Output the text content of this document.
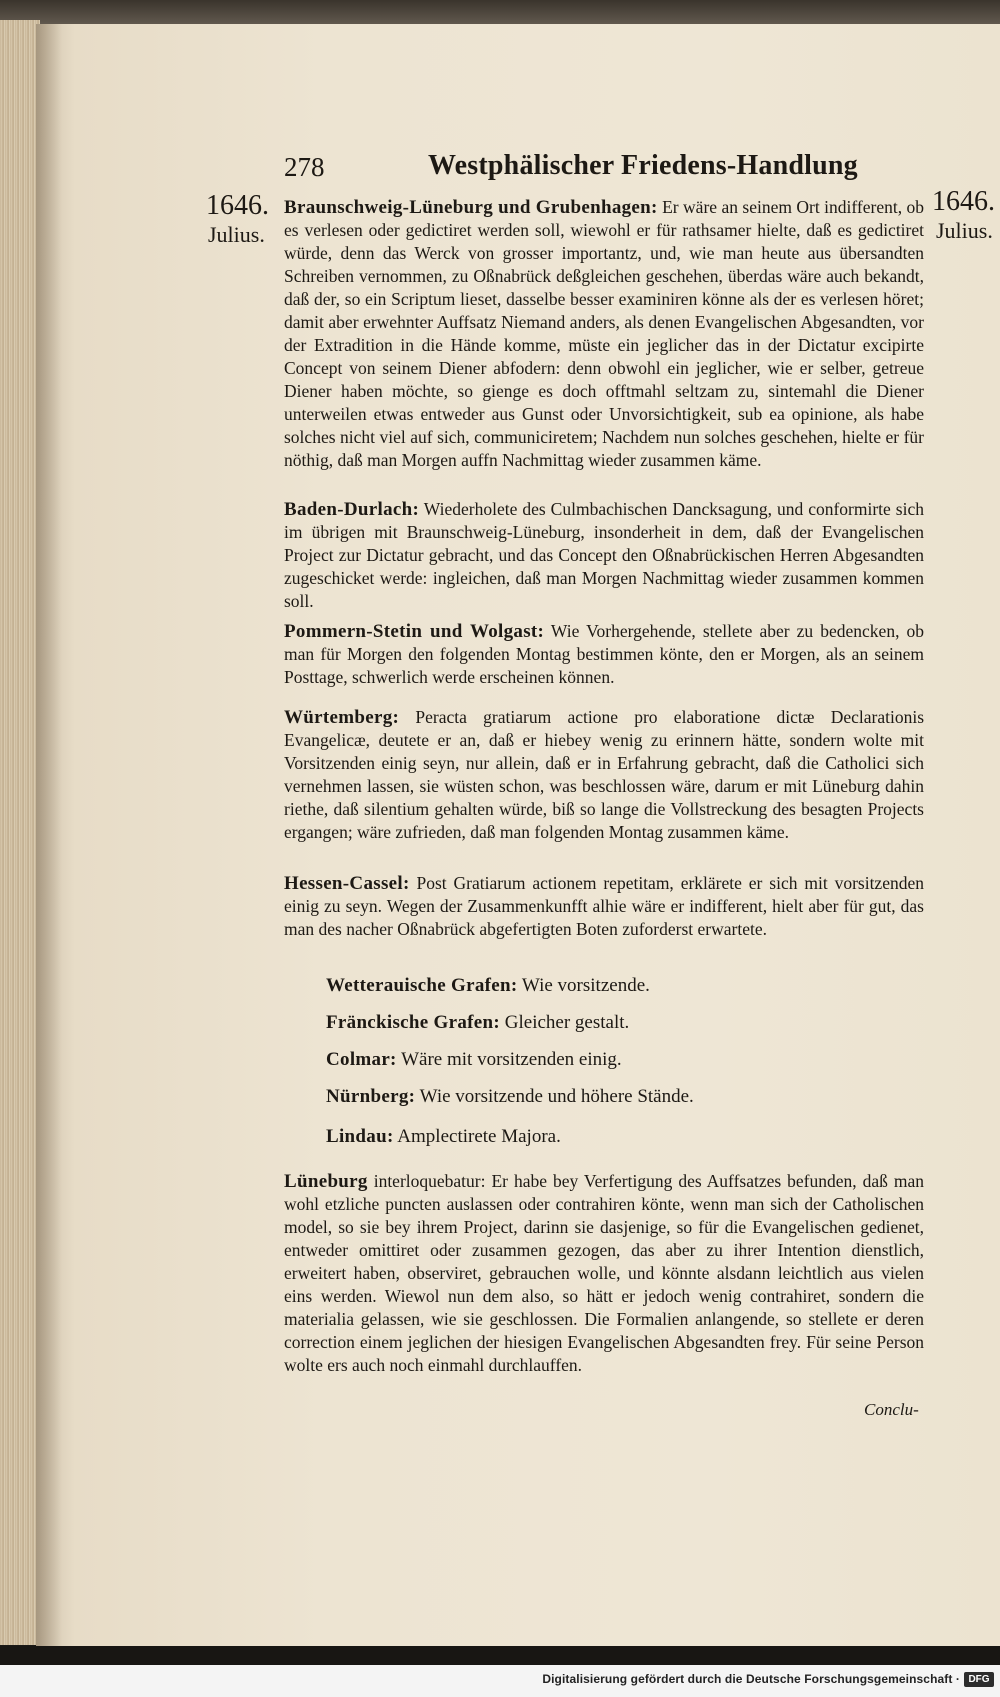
278	Westphälischer Friedens-Handlung
1646.
Julius.
1646.
Julius.
Braunschweig-Lüneburg und Grubenhagen: Er wäre an seinem Ort indifferent, ob es verlesen oder gedictiret werden soll, wiewohl er für rathsamer hielte, daß es gedictiret würde, denn das Werck von grosser importantz, und, wie man heute aus übersandten Schreiben vernommen, zu Oßnabrück deßgleichen geschehen, überdas wäre auch bekandt, daß der, so ein Scriptum lieset, dasselbe besser examiniren könne als der es verlesen höret; damit aber erwehnter Auffsatz Niemand anders, als denen Evangelischen Abgesandten, vor der Extradition in die Hände komme, müste ein jeglicher das in der Dictatur excipirte Concept von seinem Diener abfodern: denn obwohl ein jeglicher, wie er selber, getreue Diener haben möchte, so gienge es doch offtmahl seltzam zu, sintemahl die Diener unterweilen etwas entweder aus Gunst oder Unvorsichtigkeit, sub ea opinione, als habe solches nicht viel auf sich, communiciretem; Nachdem nun solches geschehen, hielte er für nöthig, daß man Morgen auffn Nachmittag wieder zusammen käme.
Baden-Durlach: Wiederholete des Culmbachischen Dancksagung, und conformirte sich im übrigen mit Braunschweig-Lüneburg, insonderheit in dem, daß der Evangelischen Project zur Dictatur gebracht, und das Concept den Oßnabrückischen Herren Abgesandten zugeschicket werde: ingleichen, daß man Morgen Nachmittag wieder zusammen kommen soll.
Pommern-Stetin und Wolgast: Wie Vorhergehende, stellete aber zu bedencken, ob man für Morgen den folgenden Montag bestimmen könte, den er Morgen, als an seinem Posttage, schwerlich werde erscheinen können.
Würtemberg: Peracta gratiarum actione pro elaboratione dictæ Declarationis Evangelicæ, deutete er an, daß er hiebey wenig zu erinnern hätte, sondern wolte mit Vorsitzenden einig seyn, nur allein, daß er in Erfahrung gebracht, daß die Catholici sich vernehmen lassen, sie wüsten schon, was beschlossen wäre, darum er mit Lüneburg dahin riethe, daß silentium gehalten würde, biß so lange die Vollstreckung des besagten Projects ergangen; wäre zufrieden, daß man folgenden Montag zusammen käme.
Hessen-Cassel: Post Gratiarum actionem repetitam, erklärete er sich mit vorsitzenden einig zu seyn. Wegen der Zusammenkunfft alhie wäre er indifferent, hielt aber für gut, das man des nacher Oßnabrück abgefertigten Boten zuforderst erwartete.
Wetterauische Grafen: Wie vorsitzende.
Fränckische Grafen: Gleicher gestalt.
Colmar: Wäre mit vorsitzenden einig.
Nürnberg: Wie vorsitzende und höhere Stände.
Lindau: Amplectirete Majora.
Lüneburg interloquebatur: Er habe bey Verfertigung des Auffsatzes befunden, daß man wohl etzliche puncten auslassen oder contrahiren könte, wenn man sich der Catholischen model, so sie bey ihrem Project, darinn sie dasjenige, so für die Evangelischen gedienet, entweder omittiret oder zusammen gezogen, das aber zu ihrer Intention dienstlich, erweitert haben, observiret, gebrauchen wolle, und könnte alsdann leichtlich aus vielen eins werden. Wiewol nun dem also, so hätt er jedoch wenig contrahiret, sondern die materialia gelassen, wie sie geschlossen. Die Formalien anlangende, so stellete er deren correction einem jeglichen der hiesigen Evangelischen Abgesandten frey. Für seine Person wolte ers auch noch einmahl durchlauffen.
Conclu-
Digitalisierung gefördert durch die Deutsche Forschungsgemeinschaft · DFG
